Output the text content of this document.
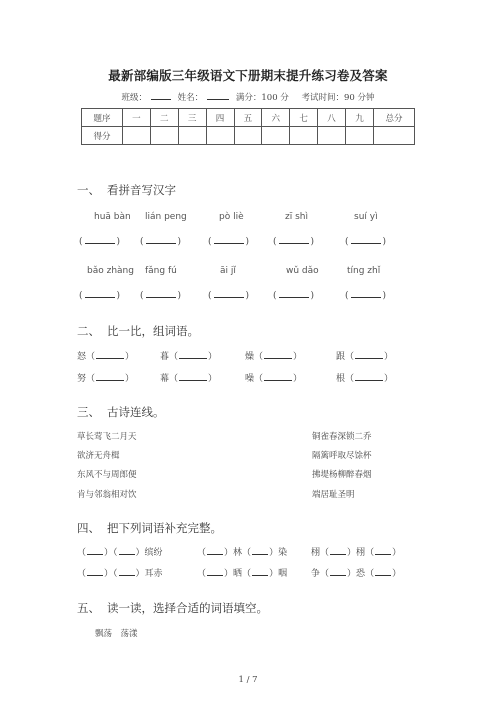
最新部编版三年级语文下册期末提升练习卷及答案
班级：	姓名：	满分：100 分 考试时间：90 分钟
题序	一	二	三	四	五	六	七	八	九	总分
得分										
一、 看拼音写汉字
huā bàn lián peng	pò liè	zī shì	suí yì
(	) (	)	(	)	(	)	(	)
bǎo zhàng fǎng fú	āi jǐ	wǔ dǎo	tíng zhǐ
(	) (	)	(	)	(	)	(	)
二、 比一比，组词语。
怒（	）	暮（	）	燥（	）	跟（	）
努（	）	幕（	）	噪（	）	根（	）
三、 古诗连线。
草长莺飞二月天
欲济无舟楫
东风不与周郎便
肯与邻翁相对饮
铜雀春深锁二乔
隔篱呼取尽馀杯
拂堤杨柳醉春烟
端居耻圣明
四、 把下列词语补充完整。
（ ）（ ）缤纷	（ ）林（ ）染	栩（ ）栩（ ）
（ ）（ ）耳赤	（ ）晒（ ）咽	争（ ）恐（ ）
五、 读一读，选择合适的词语填空。
飘荡　荡漾
1 / 7
